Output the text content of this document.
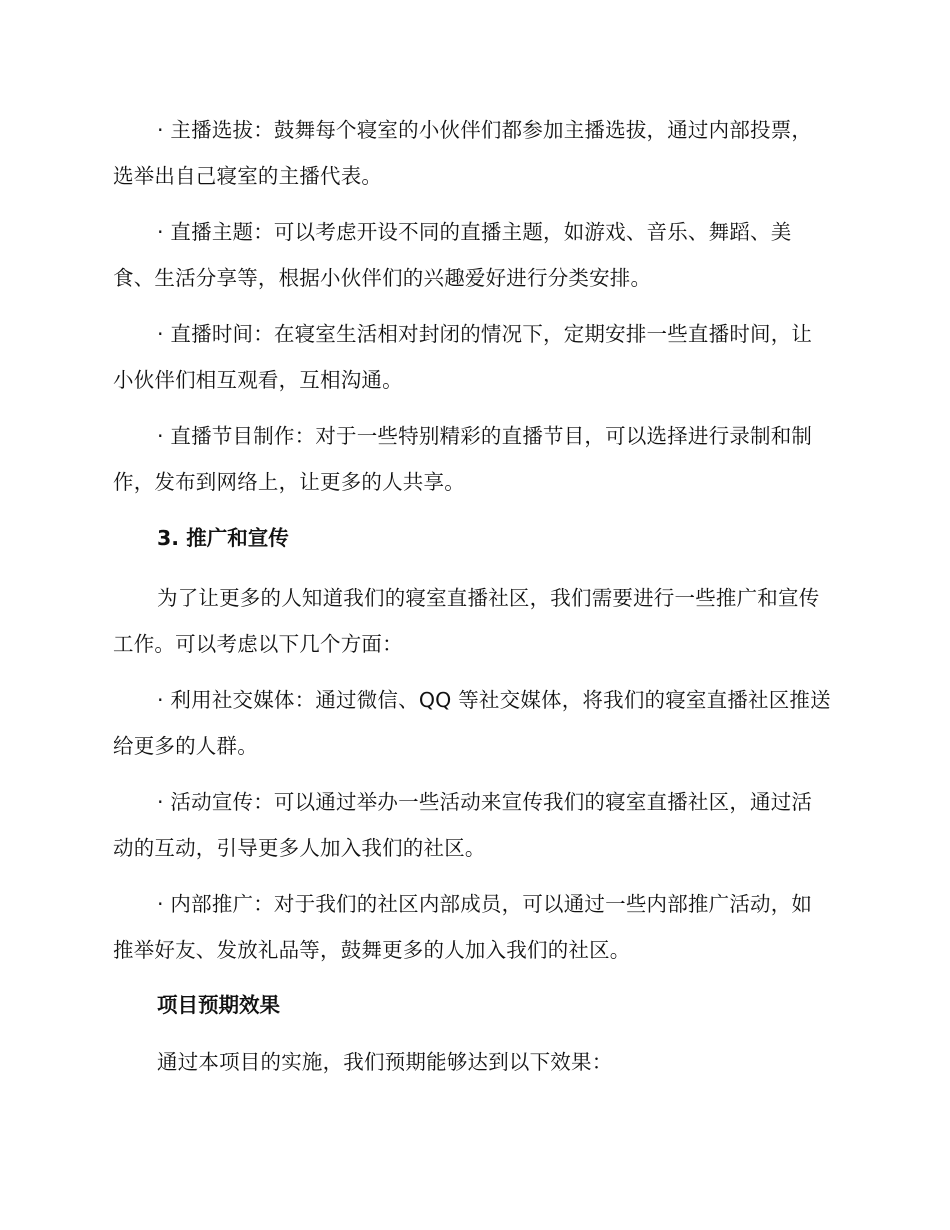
· 主播选拔：鼓舞每个寝室的小伙伴们都参加主播选拔，通过内部投票，选举出自己寝室的主播代表。

· 直播主题：可以考虑开设不同的直播主题，如游戏、音乐、舞蹈、美食、生活分享等，根据小伙伴们的兴趣爱好进行分类安排。

· 直播时间：在寝室生活相对封闭的情况下，定期安排一些直播时间，让小伙伴们相互观看，互相沟通。

· 直播节目制作：对于一些特别精彩的直播节目，可以选择进行录制和制作，发布到网络上，让更多的人共享。

3. 推广和宣传

为了让更多的人知道我们的寝室直播社区，我们需要进行一些推广和宣传工作。可以考虑以下几个方面：

· 利用社交媒体：通过微信、QQ 等社交媒体，将我们的寝室直播社区推送给更多的人群。

· 活动宣传：可以通过举办一些活动来宣传我们的寝室直播社区，通过活动的互动，引导更多人加入我们的社区。

· 内部推广：对于我们的社区内部成员，可以通过一些内部推广活动，如推举好友、发放礼品等，鼓舞更多的人加入我们的社区。

项目预期效果

通过本项目的实施，我们预期能够达到以下效果：
